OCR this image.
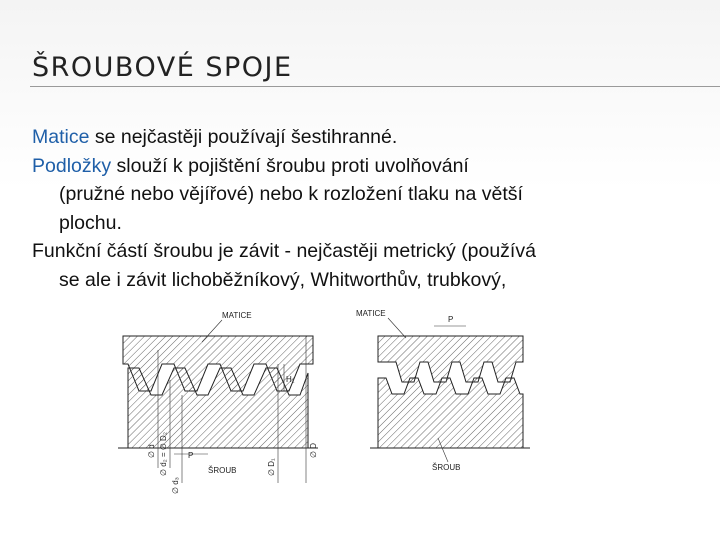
ŠROUBOVÉ SPOJE

Matice se nejčastěji používají šestihranné.

Podložky slouží k pojištění šroubu proti uvolňování

(pružné nebo vějířové) nebo k rozložení tlaku na větší

plochu.

Funkční částí šroubu je závit - nejčastěji metrický (používá

se ale i závit lichoběžníkový, Whitworthův, trubkový,

MATICE
H₁
P
ŠROUB
∅ d ∅ d₂ = ∅ D₂
∅ d₃
∅ D₁
∅ D
MATICE
P
ŠROUB
